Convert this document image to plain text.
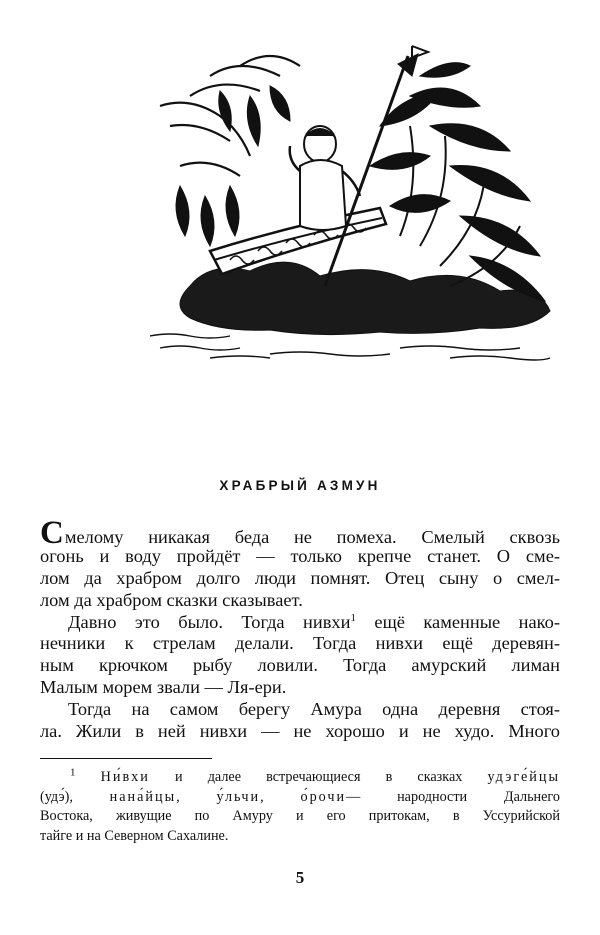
ХРАБРЫЙ АЗМУН
Смелому никакая беда не помеха. Смелый сквозь
огонь и воду пройдёт — только крепче станет. О сме-
лом да храбром долго люди помнят. Отец сыну о смел-
лом да храбром сказки сказывает.
Давно это было. Тогда нивхи$^1$ ещё каменные нако-
нечники к стрелам делали. Тогда нивхи ещё деревян-
ным крючком рыбу ловили. Тогда амурский лиман
Малым морем звали — Ля-ери.
Тогда на самом берегу Амура одна деревня стоя-
ла. Жили в ней нивхи — не хорошо и не худо. Много
$^1$ Ни́вхи и далее встречающиеся в сказках удэге́йцы
(удэ́), нана́йцы, у́льчи, о́рочи— народности Дальнего
Востока, живущие по Амуру и его притокам, в Уссурийской
тайге и на Северном Сахалине.
5
